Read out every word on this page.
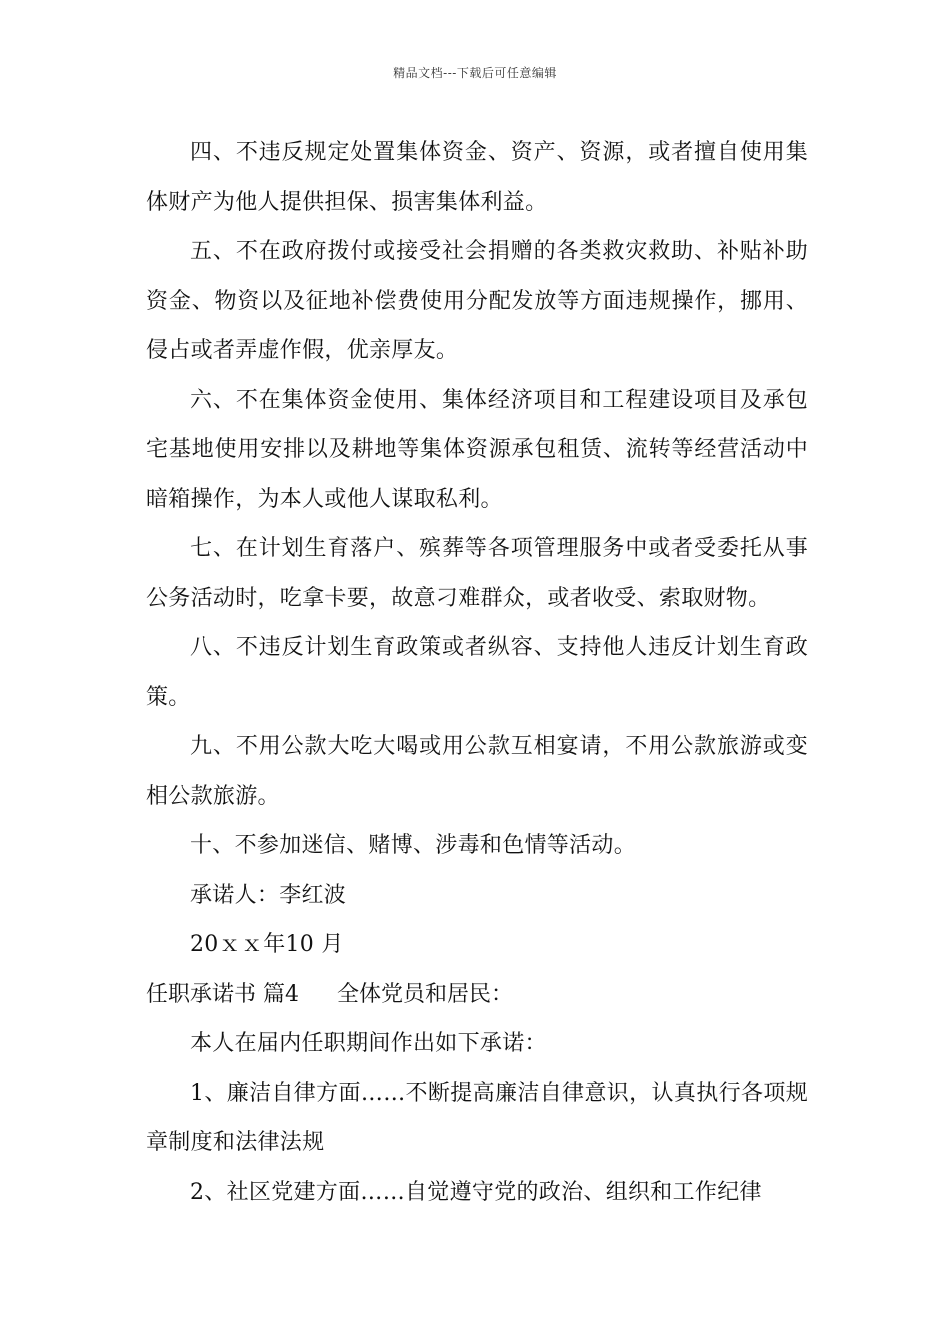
精品文档---下载后可任意编辑

四、不违反规定处置集体资金、资产、资源，或者擅自使用集体财产为他人提供担保、损害集体利益。

五、不在政府拨付或接受社会捐赠的各类救灾救助、补贴补助资金、物资以及征地补偿费使用分配发放等方面违规操作，挪用、侵占或者弄虚作假，优亲厚友。

六、不在集体资金使用、集体经济项目和工程建设项目及承包宅基地使用安排以及耕地等集体资源承包租赁、流转等经营活动中暗箱操作，为本人或他人谋取私利。

七、在计划生育落户、殡葬等各项管理服务中或者受委托从事公务活动时，吃拿卡要，故意刁难群众，或者收受、索取财物。

八、不违反计划生育政策或者纵容、支持他人违反计划生育政策。

九、不用公款大吃大喝或用公款互相宴请，不用公款旅游或变相公款旅游。

十、不参加迷信、赌博、涉毒和色情等活动。

承诺人：李红波

20ｘｘ年10 月

任职承诺书 篇4 全体党员和居民：

本人在届内任职期间作出如下承诺：

1、廉洁自律方面……不断提高廉洁自律意识，认真执行各项规章制度和法律法规

2、社区党建方面……自觉遵守党的政治、组织和工作纪律
